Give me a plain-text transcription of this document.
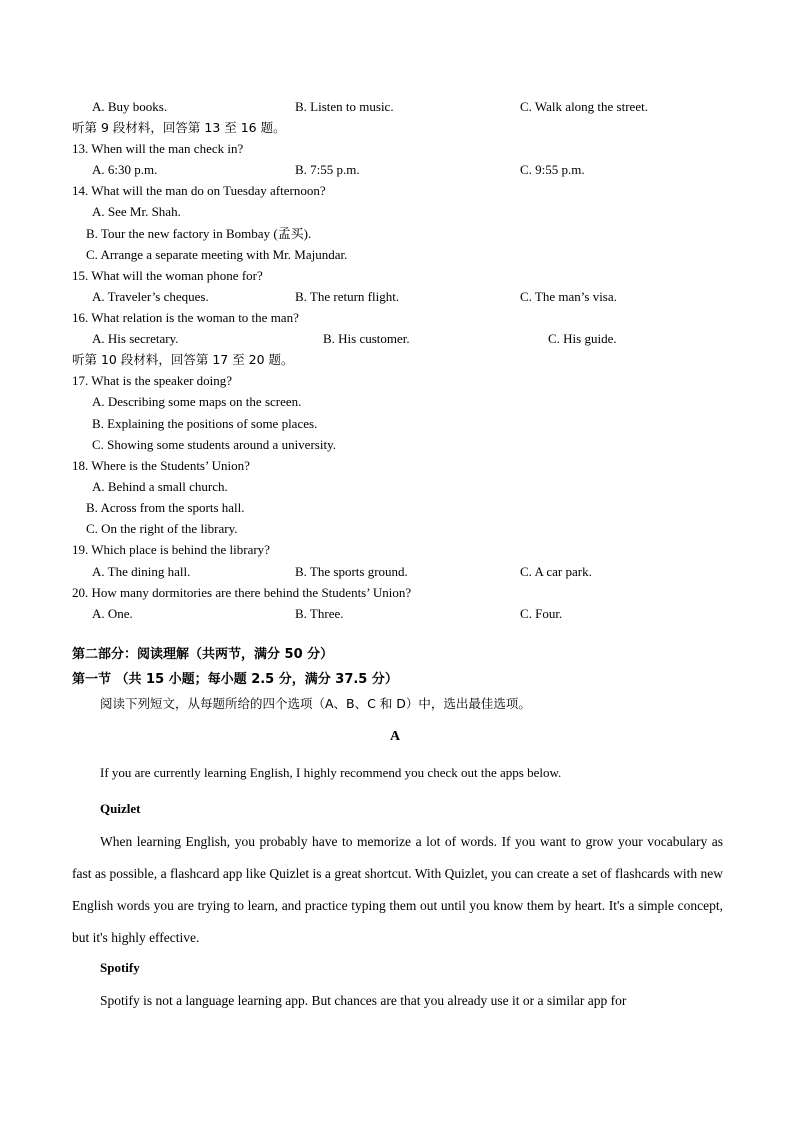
A. Buy books.	B. Listen to music.	C. Walk along the street.
听第 9 段材料，回答第 13 至 16 题。
13. When will the man check in?
A. 6:30 p.m.	B. 7:55 p.m.	C. 9:55 p.m.
14. What will the man do on Tuesday afternoon?
A. See Mr. Shah.
B. Tour the new factory in Bombay (孟买).
C. Arrange a separate meeting with Mr. Majundar.
15. What will the woman phone for?
A. Traveler’s cheques.	B. The return flight.	C. The man’s visa.
16. What relation is the woman to the man?
A. His secretary.	B. His customer.	C. His guide.
听第 10 段材料，回答第 17 至 20 题。
17. What is the speaker doing?
A. Describing some maps on the screen.
B. Explaining the positions of some places.
C. Showing some students around a university.
18. Where is the Students’ Union?
A. Behind a small church.
B. Across from the sports hall.
C. On the right of the library.
19. Which place is behind the library?
A. The dining hall.	B. The sports ground.	C. A car park.
20. How many dormitories are there behind the Students’ Union?
A. One.	B. Three.	C. Four.
第二部分：阅读理解（共两节，满分 50 分）
第一节 （共 15 小题；每小题 2.5 分，满分 37.5 分）
阅读下列短文，从每题所给的四个选项（A、B、C 和 D）中，选出最佳选项。
A
If you are currently learning English, I highly recommend you check out the apps below.
Quizlet
When learning English, you probably have to memorize a lot of words. If you want to grow your vocabulary as fast as possible, a flashcard app like Quizlet is a great shortcut. With Quizlet, you can create a set of flashcards with new English words you are trying to learn, and practice typing them out until you know them by heart. It's a simple concept, but it's highly effective.
Spotify
Spotify is not a language learning app. But chances are that you already use it or a similar app for
